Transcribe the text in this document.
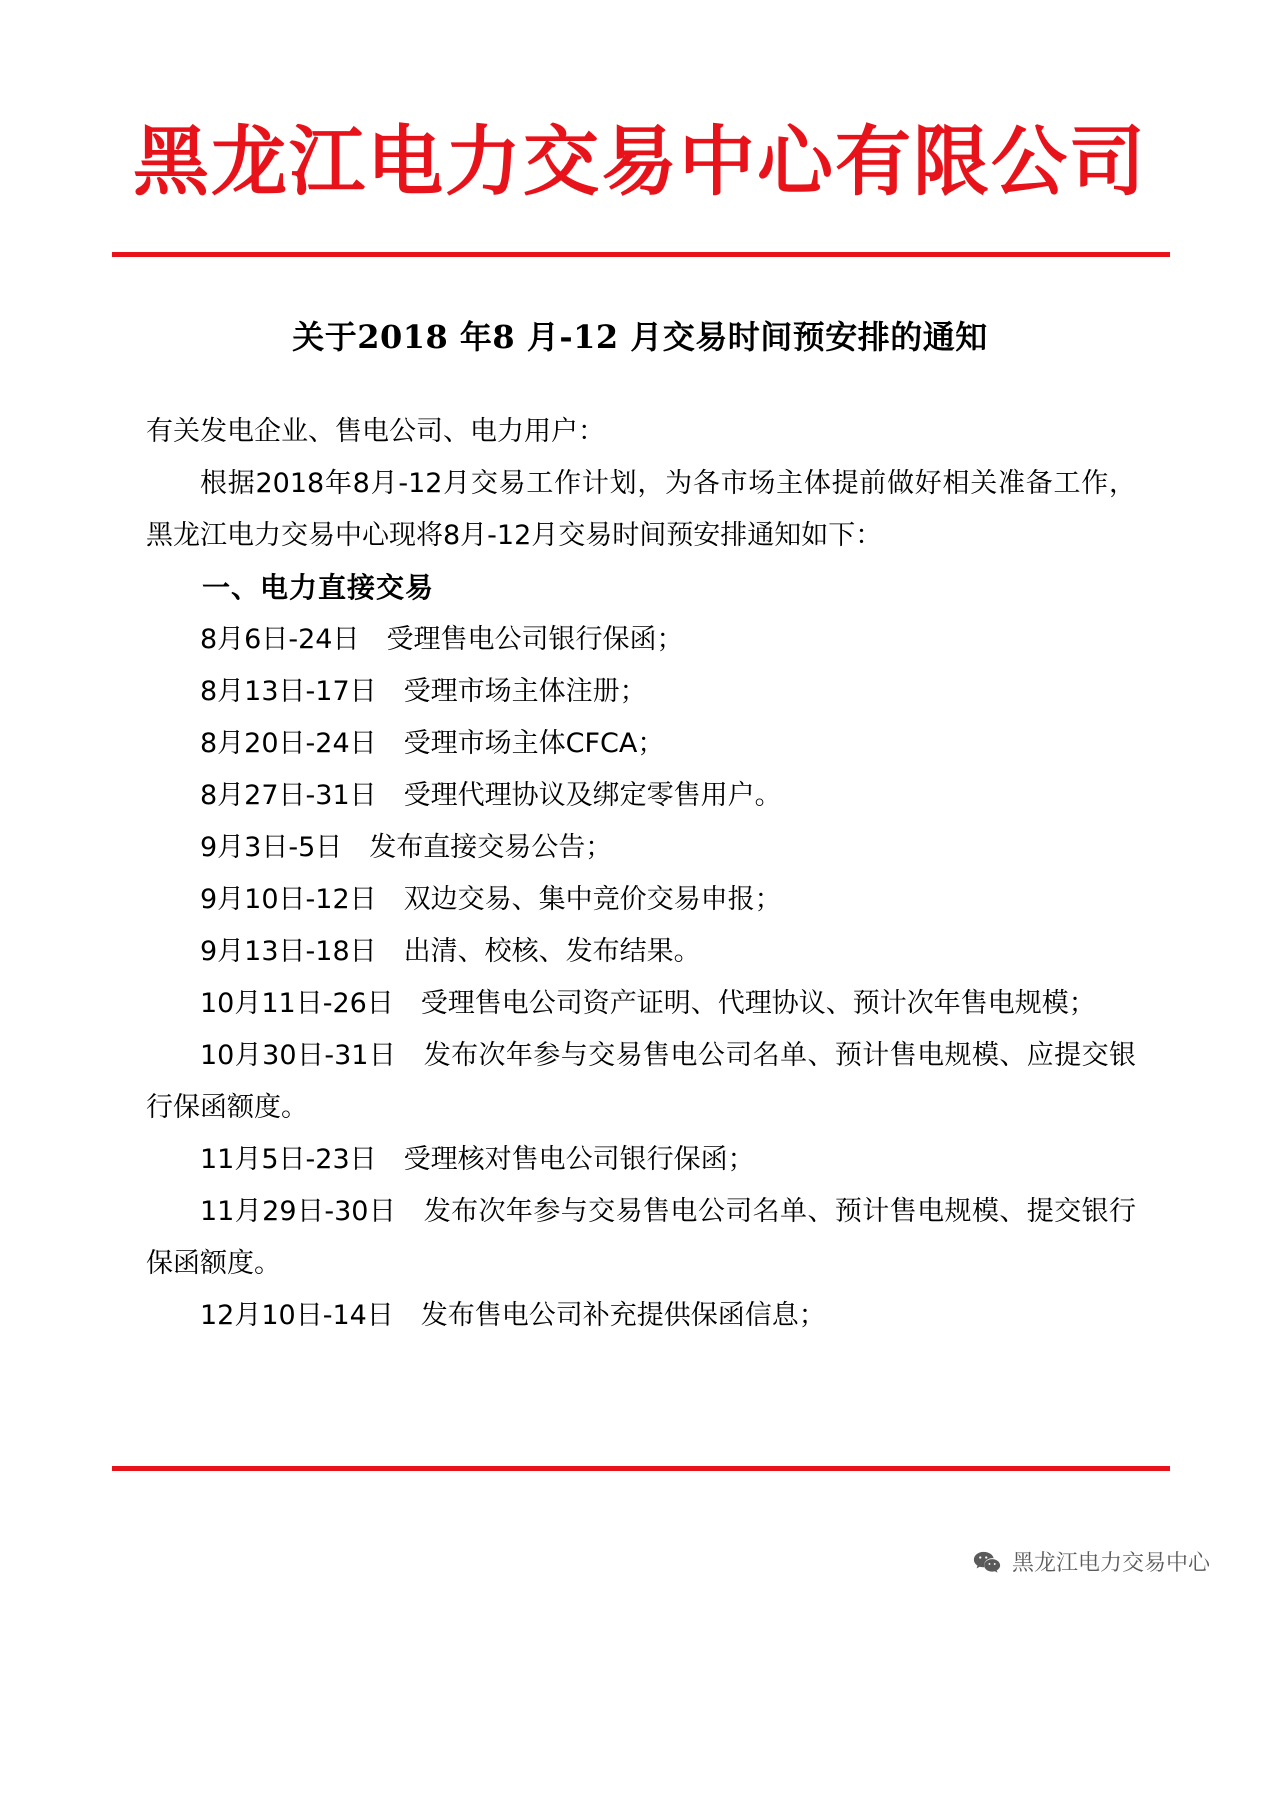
黑龙江电力交易中心有限公司
关于2018 年8 月-12 月交易时间预安排的通知

有关发电企业、售电公司、电力用户：

根据2018年8月-12月交易工作计划，为各市场主体提前做好相关准备工作，黑龙江电力交易中心现将8月-12月交易时间预安排通知如下：

一、电力直接交易

8月6日-24日　受理售电公司银行保函；

8月13日-17日　受理市场主体注册；

8月20日-24日　受理市场主体CFCA；

8月27日-31日　受理代理协议及绑定零售用户。

9月3日-5日　发布直接交易公告；

9月10日-12日　双边交易、集中竞价交易申报；

9月13日-18日　出清、校核、发布结果。

10月11日-26日　受理售电公司资产证明、代理协议、预计次年售电规模；

10月30日-31日　发布次年参与交易售电公司名单、预计售电规模、应提交银行保函额度。

11月5日-23日　受理核对售电公司银行保函；

11月29日-30日　发布次年参与交易售电公司名单、预计售电规模、提交银行保函额度。

12月10日-14日　发布售电公司补充提供保函信息；

黑龙江电力交易中心
